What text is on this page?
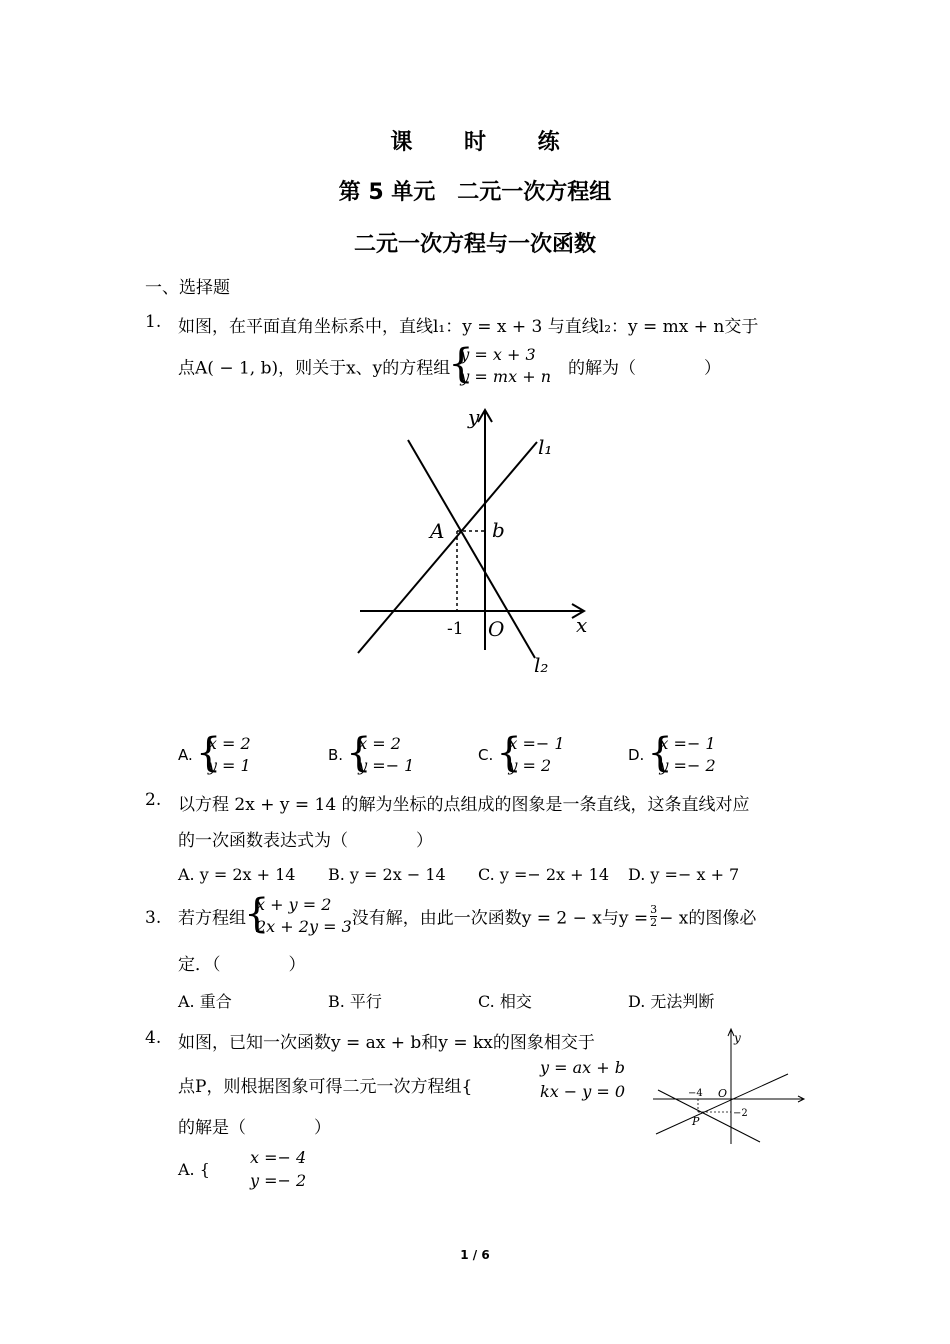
课 时 练
第 5 单元　二元一次方程组
二元一次方程与一次函数
一、选择题
1. 如图，在平面直角坐标系中，直线l₁：y = x + 3 与直线l₂：y = mx + n交于
点A( − 1, b)，则关于x、y的方程组{ y = x + 3
y = mx + n　 的解为（　　　　）
y
l₁
A b
-1 O	x
l₂
A. { x = 2
y = 1
B. { x = 2
y =− 1
C. { x =− 1
y = 2
D. { x =− 1
y =− 2
2. 以方程 2x + y = 14 的解为坐标的点组成的图象是一条直线，这条直线对应
的一次函数表达式为（　　　　）
A. y = 2x + 14 B. y = 2x − 14 C. y =− 2x + 14 D. y =− x + 7
3. 若方程组{ x + y = 2
2x + 2y = 3没有解，由此一次函数y = 2 − x与$y = \frac{3}{2} - x$的图像必
定．（　　　　）
A. 重合	B. 平行	C. 相交	D. 无法判断
4. 如图，已知一次函数y = ax + b和y = kx的图象相交于
点P，则根据图象可得二元一次方程组{
y = ax + b
kx − y = 0
的解是（　　　　）
y
−4 O
−2
P
A. {
x =− 4
y =− 2
1 / 6
